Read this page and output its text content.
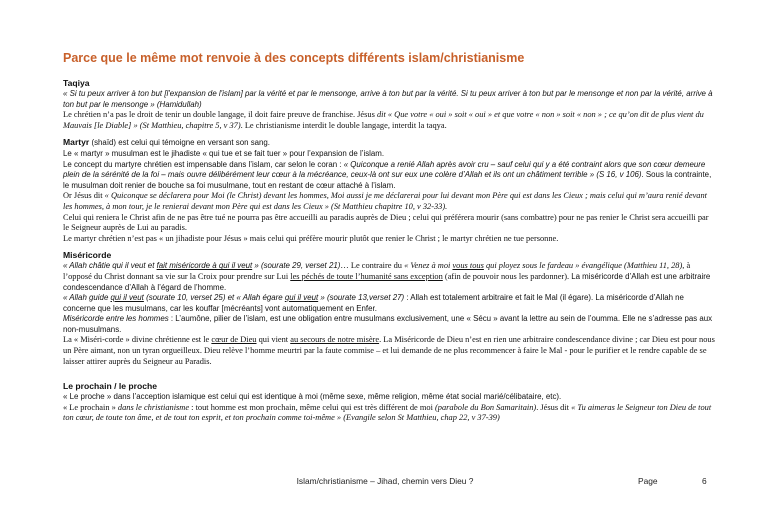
Parce que le même mot renvoie à des concepts différents islam/christianisme
Taqiya

« Si tu peux arriver à ton but [l'expansion de l'islam] par la vérité et par le mensonge, arrive à ton but par la vérité. Si tu peux arriver à ton but par le mensonge et non par la vérité, arrive à ton but par le mensonge » (Hamidullah)

Le chrétien n’a pas le droit de tenir un double langage, il doit faire preuve de franchise. Jésus dit « Que votre « oui » soit « oui » et que votre « non » soit « non » ; ce qu’on dit de plus vient du Mauvais [le Diable] » (St Matthieu, chapitre 5, v 37). Le christianisme interdit le double langage, interdit la taqya.

Martyr (shaïd) est celui qui témoigne en versant son sang.

Le « martyr » musulman est le jihadiste « qui tue et se fait tuer » pour l’expansion de l’islam.

Le concept du martyre chrétien est impensable dans l’islam, car selon le coran : « Quiconque a renié Allah après avoir cru – sauf celui qui y a été contraint alors que son cœur demeure plein de la sérénité de la foi – mais ouvre délibérément leur cœur à la mécréance, ceux-là ont sur eux une colère d’Allah et ils ont un châtiment terrible » (S 16, v 106). Sous la contrainte, le musulman doit renier de bouche sa foi musulmane, tout en restant de cœur attaché à l’islam.

Or Jésus dit « Quiconque se déclarera pour Moi (le Christ) devant les hommes, Moi aussi je me déclarerai pour lui devant mon Père qui est dans les Cieux ; mais celui qui m’aura renié devant les hommes, à mon tour, je le renierai devant mon Père qui est dans les Cieux » (St Matthieu chapitre 10, v 32-33).

Celui qui reniera le Christ afin de ne pas être tué ne pourra pas être accueilli au paradis auprès de Dieu ; celui qui préférera mourir (sans combattre) pour ne pas renier le Christ sera accueilli par le Seigneur auprès de Lui au paradis.

Le martyr chrétien n’est pas « un jihadiste pour Jésus » mais celui qui préfère mourir plutôt que renier le Christ ; le martyr chrétien ne tue personne.

Miséricorde

« Allah châtie qui il veut et fait miséricorde à qui il veut » (sourate 29, verset 21)… Le contraire du « Venez à moi vous tous qui ployez sous le fardeau » évangélique (Matthieu 11, 28), à l’opposé du Christ donnant sa vie sur la Croix pour prendre sur Lui les péchés de toute l’humanité sans exception (afin de pouvoir nous les pardonner). La miséricorde d’Allah est une arbitraire condescendance d’Allah à l’égard de l’homme.

« Allah guide qui il veut (sourate 10, verset 25) et « Allah égare qui il veut » (sourate 13,verset 27) : Allah est totalement arbitraire et fait le Mal (il égare). La miséricorde d’Allah ne concerne que les musulmans, car les kouffar [mécréants] vont automatiquement en Enfer.

Miséricorde entre les hommes : L’aumône, pilier de l’islam, est une obligation entre musulmans exclusivement, une « Sécu » avant la lettre au sein de l’oumma. Elle ne s’adresse pas aux non-musulmans.

La « Miséri-corde » divine chrétienne est le cœur de Dieu qui vient au secours de notre misère. La Miséricorde de Dieu n’est en rien une arbitraire condescendance divine ; car Dieu est pour nous un Père aimant, non un tyran orgueilleux. Dieu relève l’homme meurtri par la faute commise – et lui demande de ne plus recommencer à faire le Mal - pour le purifier et le rendre capable de se laisser attirer auprès du Seigneur au Paradis.

Le prochain / le proche

« Le proche » dans l’acception islamique est celui qui est identique à moi (même sexe, même religion, même état social marié/célibataire, etc).

« Le prochain » dans le christianisme : tout homme est mon prochain, même celui qui est très différent de moi (parabole du Bon Samaritain). Jésus dit « Tu aimeras le Seigneur ton Dieu de tout ton cœur, de toute ton âme, et de tout ton esprit, et ton prochain comme toi-même » (Evangile selon St Matthieu, chap 22, v 37-39)

Islam/christianisme – Jihad, chemin vers Dieu ?	Page	6
